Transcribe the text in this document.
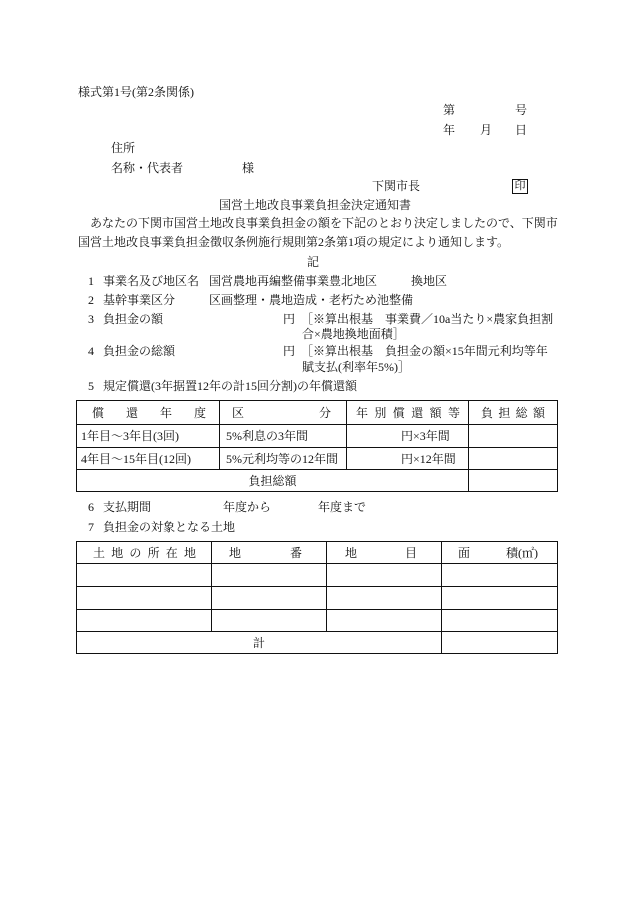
様式第1号(第2条関係)
第	号
年 月 日
住所
名称・代表者	様
下関市長	印
国営土地改良事業負担金決定通知書
あなたの下関市国営土地改良事業負担金の額を下記のとおり決定しましたので、下関市
国営土地改良事業負担金徴収条例施行規則第2条第1項の規定により通知します。
記
1 事業名及び地区名 国営農地再編整備事業豊北地区	換地区
2 基幹事業区分	区画整理・農地造成・老朽ため池整備
3 負担金の額	円 ［※算出根基　事業費／10a当たり×農家負担割
合×農地換地面積］
4 負担金の総額	円 ［※算出根基　負担金の額×15年間元利均等年
賦支払(利率年5%)］
5 規定償還(3年据置12年の計15回分割)の年償還額
償　還　年　度	区　　　　　分	年 別 償 還 額 等	負 担 総 額
1年目～3年目(3回)	5%利息の3年間	円×3年間	
4年目～15年目(12回)	5%元利均等の12年間	円×12年間	
負担総額			
6 支払期間	年度から	年度まで
7 負担金の対象となる土地
土 地 の 所 在 地	地　　　番	地　　　目	面　　　積(㎡)

計			
